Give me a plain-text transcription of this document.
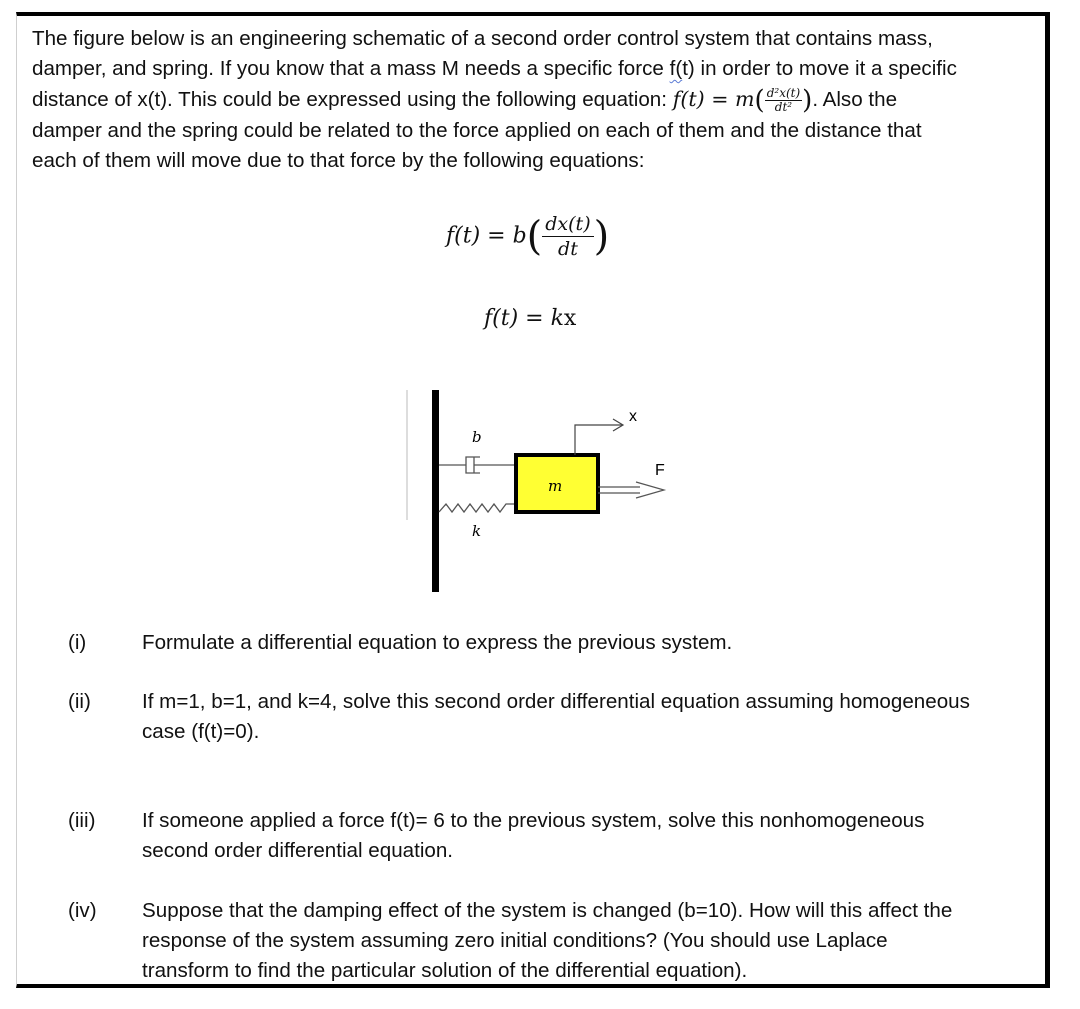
The figure below is an engineering schematic of a second order control system that contains mass,
damper, and spring. If you know that a mass M needs a specific force f(t) in order to move it a specific
distance of x(t). This could be expressed using the following equation: $f(t) = m( \frac{\text{d²x(t)}}{\text{dt²}}$ ). Also the
damper and the spring could be related to the force applied on each of them and the distance that
each of them will move due to that force by the following equations:
$f(t) = b( \frac{dx(t)}{dt}$ )
f(t) = kx
b
k
m
x
F
(i)	Formulate a differential equation to express the previous system.
(ii) If m=1, b=1, and k=4, solve this second order differential equation assuming homogeneous
case (f(t)=0).
(iii) If someone applied a force f(t)= 6 to the previous system, solve this nonhomogeneous
second order differential equation.
(iv) Suppose that the damping effect of the system is changed (b=10). How will this affect the
response of the system assuming zero initial conditions? (You should use Laplace
transform to find the particular solution of the differential equation).
